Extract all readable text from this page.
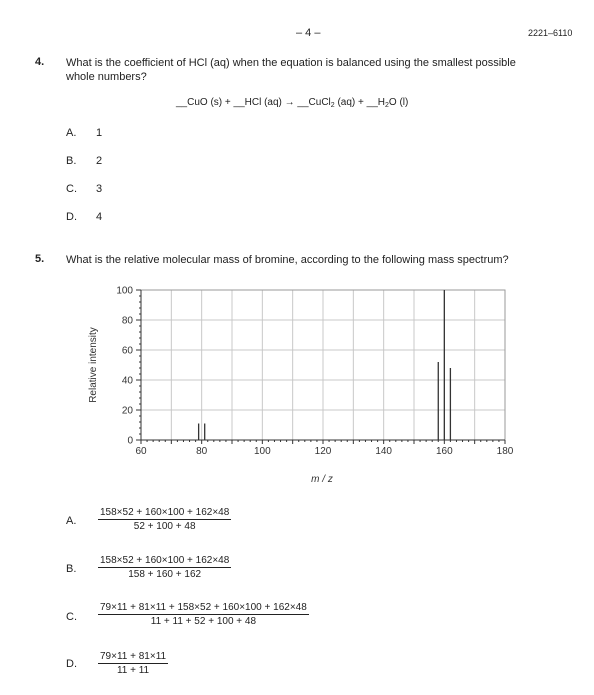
– 4 –	2221–6110
4. What is the coefficient of HCl (aq) when the equation is balanced using the smallest possible
whole numbers?
__CuO (s) + __HCl (aq) → __CuCl$_2$ $(aq) + \_\_H_2O$ (l)
A. 1
B. 2
C. 3
D. 4
5. What is the relative molecular mass of bromine, according to the following mass spectrum?
60	80	100	120	140	160	180
0
20
40
60
80
100
m / z
Relative intensity
A. $\frac{158\times 52 + 160\times 100 + 162\times 48}{52 + 100 + 48}$
B. $\frac{158\times 52 + 160\times 100 + 162\times 48}{158 + 160 + 162}$
C. $\frac{79\times 11 + 81\times 11 + 158\times 52 + 160\times 100 + 162\times 48}{11 + 11 + 52 + 100 + 48}$
D. $\frac{79\times 11 + 81\times 11}{11 + 11}$
